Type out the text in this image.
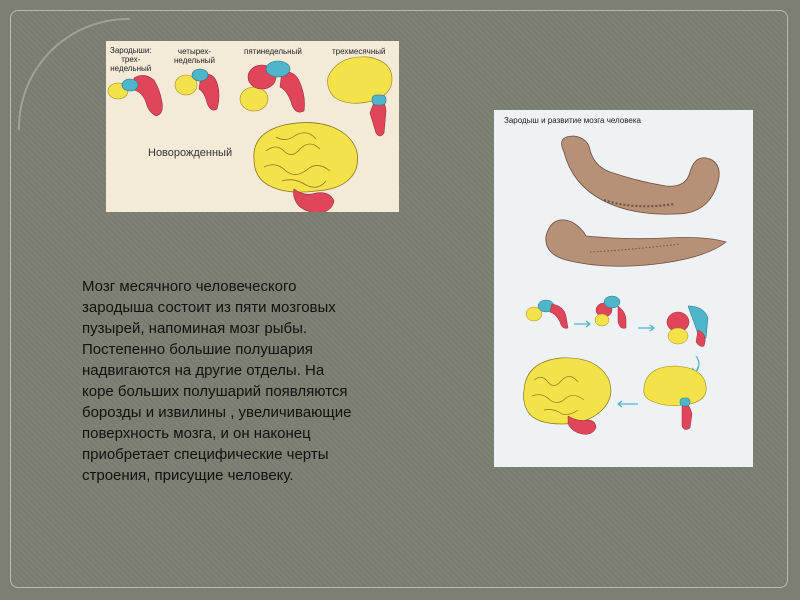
Зародыши:
трех-
недельный
четырех-
недельный
пятинедельный	трехмесячный
Новорожденный
Зародыш и развитие мозга человека
Мозг месячного человеческого
зародыша состоит из пяти мозговых
пузырей, напоминая мозг рыбы.
Постепенно большие полушария
надвигаются на другие отделы. На
коре больших полушарий появляются
борозды и извилины , увеличивающие
поверхность мозга, и он наконец
приобретает специфические черты
строения, присущие человеку.
